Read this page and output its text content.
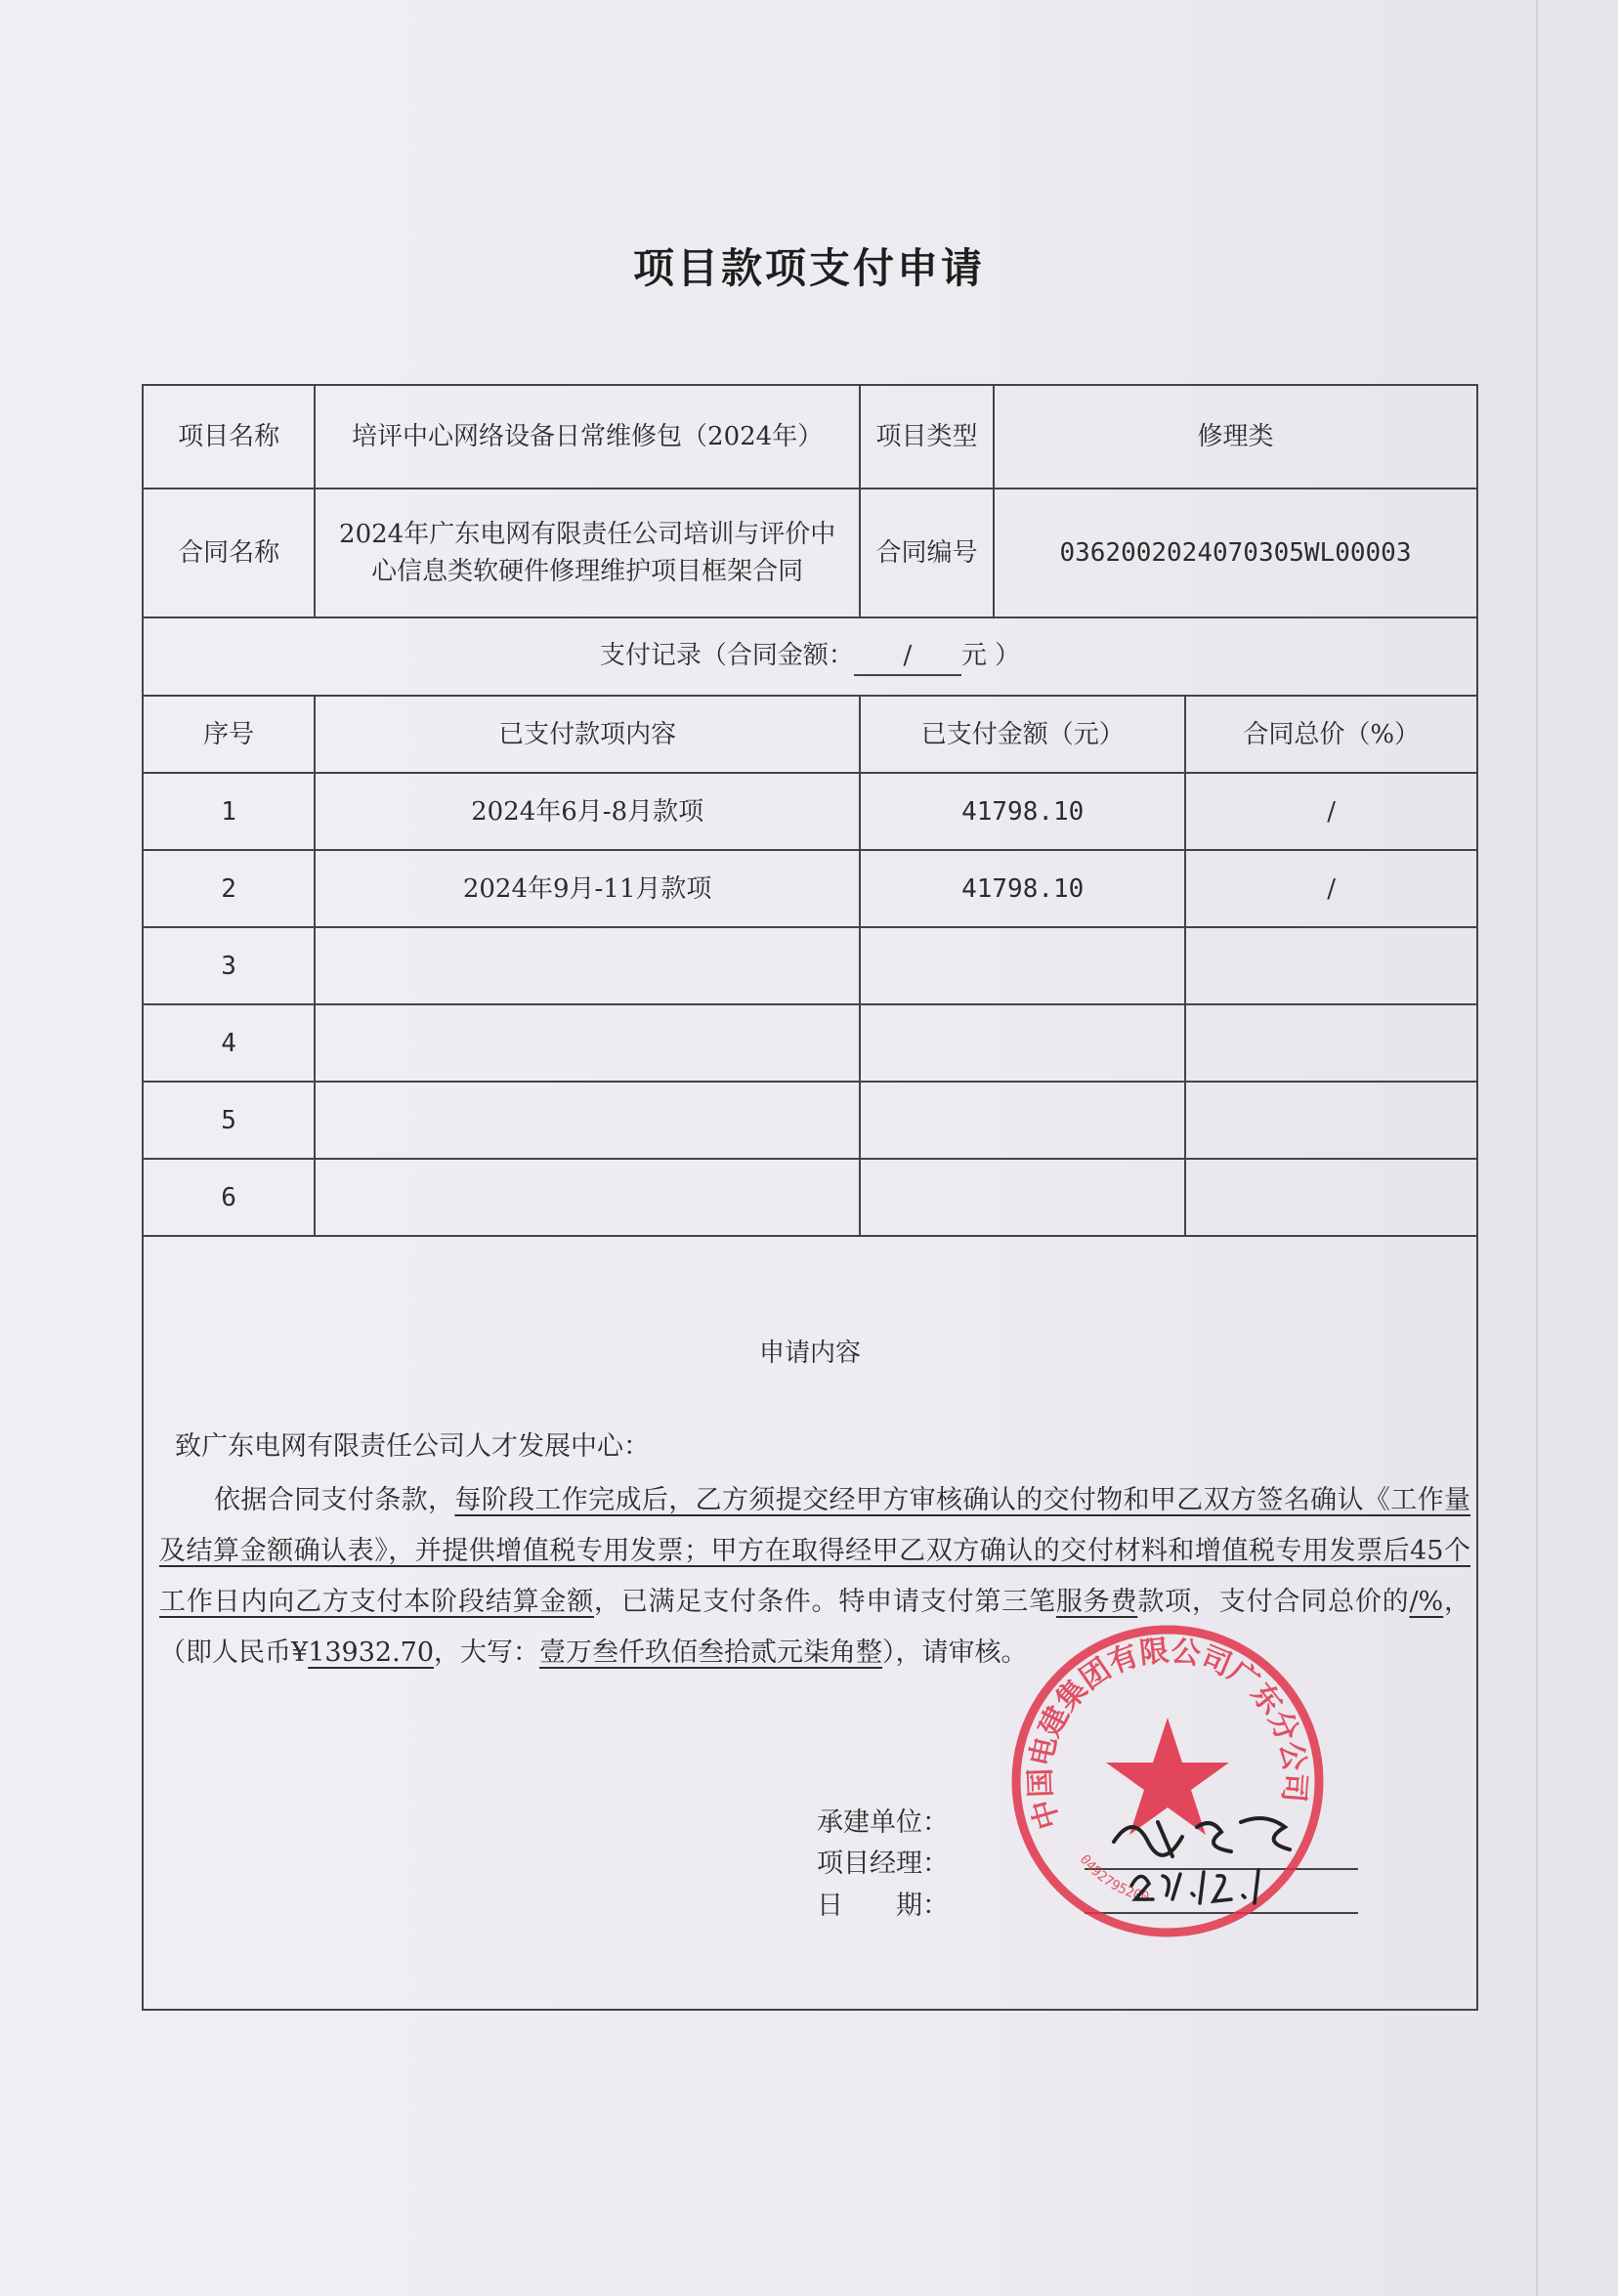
项目款项支付申请
项目名称	培评中心网络设备日常维修包（2024年）	项目类型	修理类	
合同名称	2024年广东电网有限责任公司培训与评价中
心信息类软硬件修理维护项目框架合同	合同编号	036200202407030​5WL00003	
支付记录（合同金额： / 元 ）				
序号	已支付款项内容	已支付金额（元）		合同总价（%）
1	2024年6月-8月款项	41798.10		/
2	2024年9月-11月款项	41798.10		/
3				
4				
5				
6				

申请内容
致广东电网有限责任公司人才发展中心：
依据合同支付条款，每阶段工作完成后，乙方须提交经甲方审核确认的交付物和甲乙双方签名确认《工作量及结算金额确认表》，并提供增值税专用发票；甲方在取得经甲乙双方确认的交付材料和增值税专用发票后45个工作日内向乙方支付本阶段结算金额，已满足支付条件。特申请支付第三笔服务费款项，支付合同总价的/%，（即人民币¥13932.70，大写：壹万叁仟玖佰叁拾贰元柒角整），请审核。				
承建单位：
项目经理：
日　　期：
中国电建集团有限公司广东分公司
0492795200
